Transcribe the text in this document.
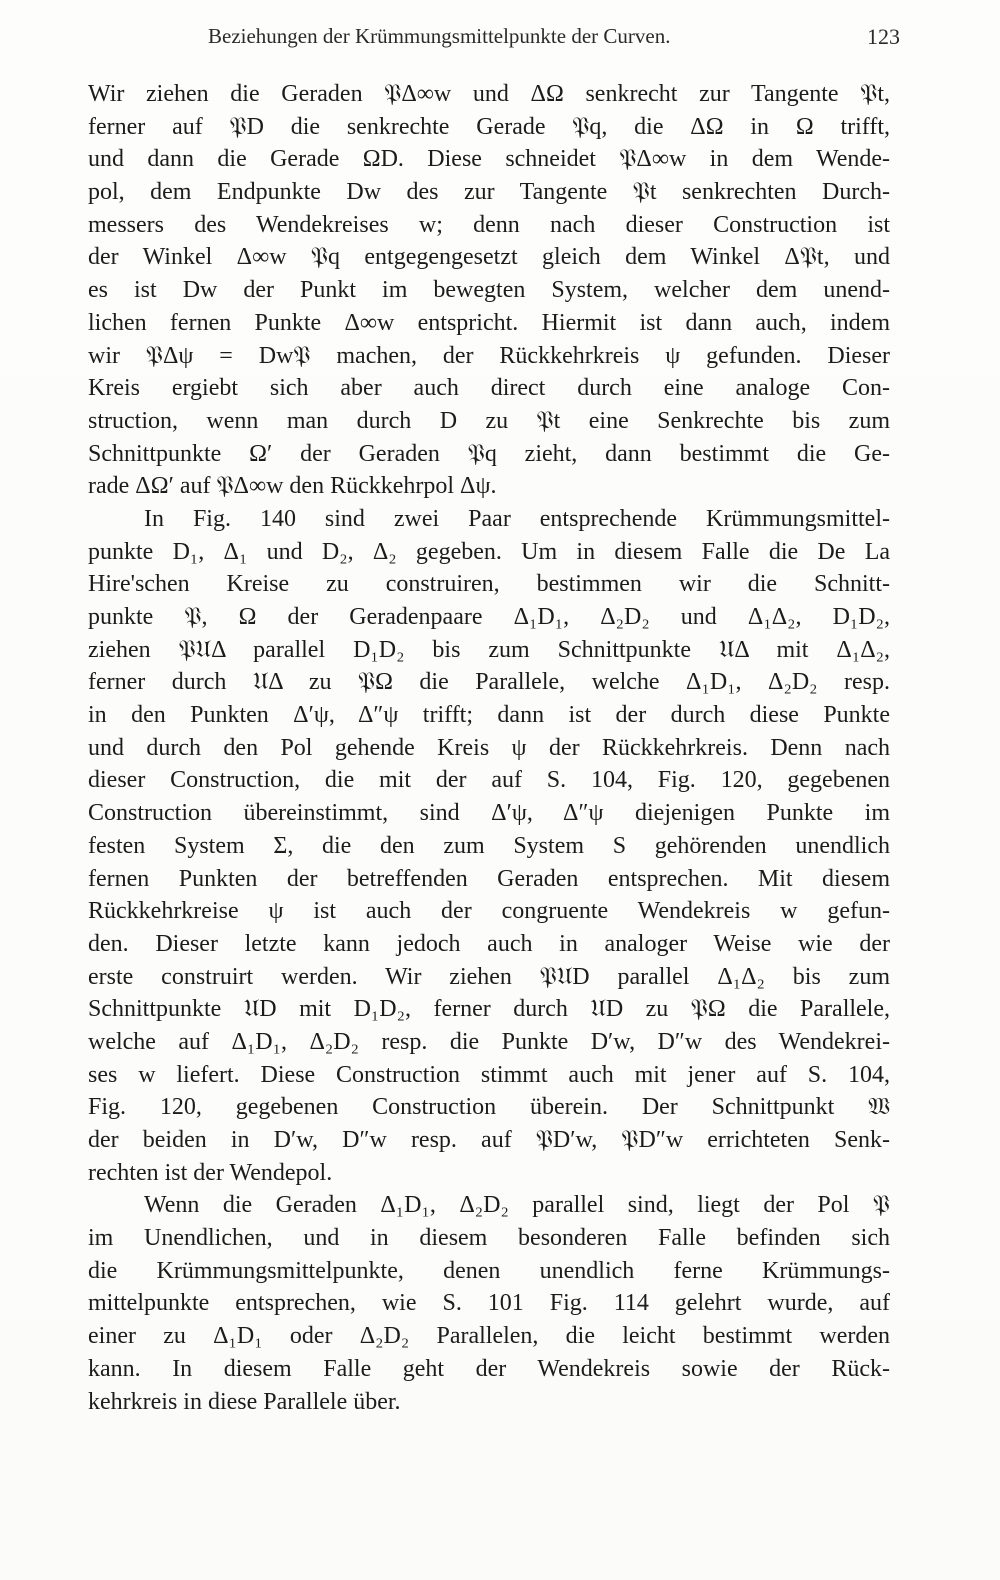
Beziehungen der Krümmungsmittelpunkte der Curven.	123
Wir ziehen die Geraden 𝔓Δ∞w und ΔΩ senkrecht zur Tangente 𝔓t,
ferner auf 𝔓D die senkrechte Gerade 𝔓q, die ΔΩ in Ω trifft,
und dann die Gerade ΩD. Diese schneidet 𝔓Δ∞w in dem Wende-
pol, dem Endpunkte Dw des zur Tangente 𝔓t senkrechten Durch-
messers des Wendekreises w; denn nach dieser Construction ist
der Winkel Δ∞w 𝔓q entgegengesetzt gleich dem Winkel Δ𝔓t, und
es ist Dw der Punkt im bewegten System, welcher dem unend-
lichen fernen Punkte Δ∞w entspricht. Hiermit ist dann auch, indem
wir 𝔓Δψ = Dw𝔓 machen, der Rückkehrkreis ψ gefunden. Dieser
Kreis ergiebt sich aber auch direct durch eine analoge Con-
struction, wenn man durch D zu 𝔓t eine Senkrechte bis zum
Schnittpunkte Ω′ der Geraden 𝔓q zieht, dann bestimmt die Ge-
rade ΔΩ′ auf 𝔓Δ∞w den Rückkehrpol Δψ.
In Fig. 140 sind zwei Paar entsprechende Krümmungsmittel-
punkte D₁, Δ₁ und D₂, Δ₂ gegeben. Um in diesem Falle die De La
Hire'schen Kreise zu construiren, bestimmen wir die Schnitt-
punkte 𝔓, Ω der Geradenpaare Δ₁D₁, Δ₂D₂ und Δ₁Δ₂, D₁D₂,
ziehen 𝔓𝔘Δ parallel D₁D₂ bis zum Schnittpunkte 𝔘Δ mit Δ₁Δ₂,
ferner durch 𝔘Δ zu 𝔓Ω die Parallele, welche Δ₁D₁, Δ₂D₂ resp.
in den Punkten Δ′ψ, Δ″ψ trifft; dann ist der durch diese Punkte
und durch den Pol gehende Kreis ψ der Rückkehrkreis. Denn nach
dieser Construction, die mit der auf S. 104, Fig. 120, gegebenen
Construction übereinstimmt, sind Δ′ψ, Δ″ψ diejenigen Punkte im
festen System Σ, die den zum System S gehörenden unendlich
fernen Punkten der betreffenden Geraden entsprechen. Mit diesem
Rückkehrkreise ψ ist auch der congruente Wendekreis w gefun-
den. Dieser letzte kann jedoch auch in analoger Weise wie der
erste construirt werden. Wir ziehen 𝔓𝔘D parallel Δ₁Δ₂ bis zum
Schnittpunkte 𝔘D mit D₁D₂, ferner durch 𝔘D zu 𝔓Ω die Parallele,
welche auf Δ₁D₁, Δ₂D₂ resp. die Punkte D′w, D″w des Wendekrei-
ses w liefert. Diese Construction stimmt auch mit jener auf S. 104,
Fig. 120, gegebenen Construction überein. Der Schnittpunkt 𝔚
der beiden in D′w, D″w resp. auf 𝔓D′w, 𝔓D″w errichteten Senk-
rechten ist der Wendepol.
Wenn die Geraden Δ₁D₁, Δ₂D₂ parallel sind, liegt der Pol 𝔓
im Unendlichen, und in diesem besonderen Falle befinden sich
die Krümmungsmittelpunkte, denen unendlich ferne Krümmungs-
mittelpunkte entsprechen, wie S. 101 Fig. 114 gelehrt wurde, auf
einer zu Δ₁D₁ oder Δ₂D₂ Parallelen, die leicht bestimmt werden
kann. In diesem Falle geht der Wendekreis sowie der Rück-
kehrkreis in diese Parallele über.
